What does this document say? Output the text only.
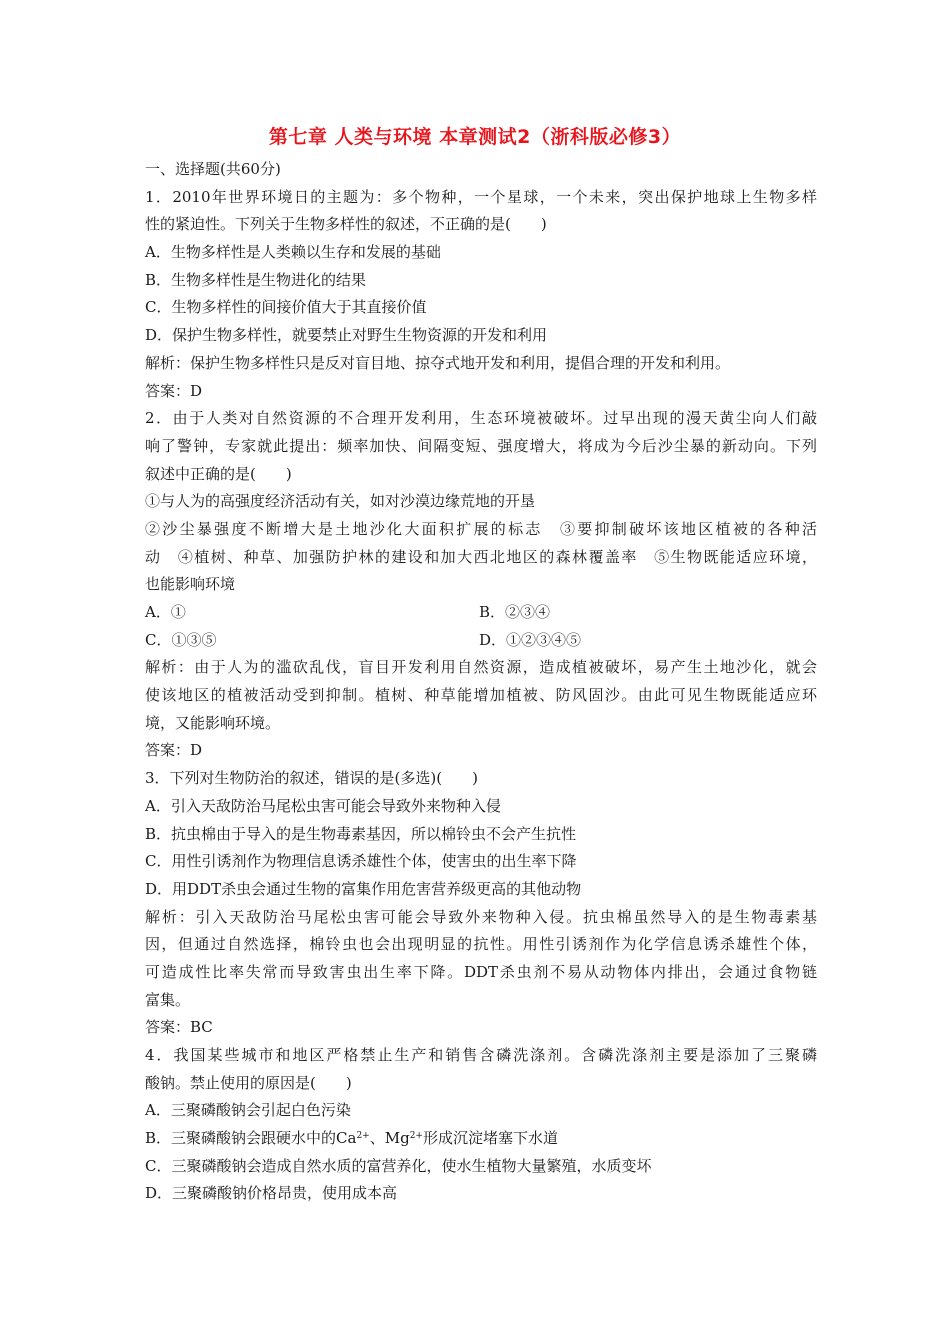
第七章 人类与环境 本章测试2（浙科版必修3）
一、选择题(共60分)
1．2010年世界环境日的主题为：多个物种，一个星球，一个未来，突出保护地球上生物多样
性的紧迫性。下列关于生物多样性的叙述，不正确的是(　　)
A．生物多样性是人类赖以生存和发展的基础
B．生物多样性是生物进化的结果
C．生物多样性的间接价值大于其直接价值
D．保护生物多样性，就要禁止对野生生物资源的开发和利用
解析：保护生物多样性只是反对盲目地、掠夺式地开发和利用，提倡合理的开发和利用。
答案：D
2．由于人类对自然资源的不合理开发利用，生态环境被破坏。过早出现的漫天黄尘向人们敲
响了警钟，专家就此提出：频率加快、间隔变短、强度增大，将成为今后沙尘暴的新动向。下列
叙述中正确的是(　　)
①与人为的高强度经济活动有关，如对沙漠边缘荒地的开垦
②沙尘暴强度不断增大是土地沙化大面积扩展的标志　③要抑制破坏该地区植被的各种活
动　④植树、种草、加强防护林的建设和加大西北地区的森林覆盖率　⑤生物既能适应环境，
也能影响环境
A．①	B．②③④
C．①③⑤	D．①②③④⑤
解析：由于人为的滥砍乱伐，盲目开发利用自然资源，造成植被破坏，易产生土地沙化，就会
使该地区的植被活动受到抑制。植树、种草能增加植被、防风固沙。由此可见生物既能适应环
境，又能影响环境。
答案：D
3．下列对生物防治的叙述，错误的是(多选)(　　)
A．引入天敌防治马尾松虫害可能会导致外来物种入侵
B．抗虫棉由于导入的是生物毒素基因，所以棉铃虫不会产生抗性
C．用性引诱剂作为物理信息诱杀雄性个体，使害虫的出生率下降
D．用DDT杀虫会通过生物的富集作用危害营养级更高的其他动物
解析：引入天敌防治马尾松虫害可能会导致外来物种入侵。抗虫棉虽然导入的是生物毒素基
因，但通过自然选择，棉铃虫也会出现明显的抗性。用性引诱剂作为化学信息诱杀雄性个体，
可造成性比率失常而导致害虫出生率下降。DDT杀虫剂不易从动物体内排出，会通过食物链
富集。
答案：BC
4．我国某些城市和地区严格禁止生产和销售含磷洗涤剂。含磷洗涤剂主要是添加了三聚磷
酸钠。禁止使用的原因是(　　)
A．三聚磷酸钠会引起白色污染
B．三聚磷酸钠会跟硬水中的$Ca^{2+}$、$Mg^{2+}$形成沉淀堵塞下水道
C．三聚磷酸钠会造成自然水质的富营养化，使水生植物大量繁殖，水质变坏
D．三聚磷酸钠价格昂贵，使用成本高
